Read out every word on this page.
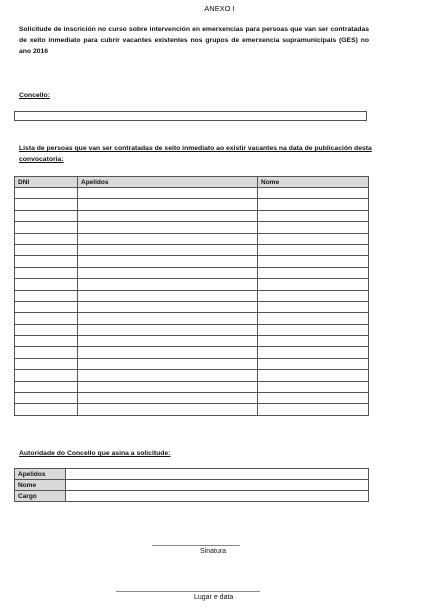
ANEXO I
Solicitude de inscrición no curso sobre intervención en emerxencias para persoas que van ser contratadas de xeito inmediato para cubrir vacantes existentes nos grupos de emerxencia supramunicipais (GES) no ano 2016
Concello:
Lista de persoas que van ser contratadas de xeito inmediato ao existir vacantes na data de publicación desta convocatoria:
DNI	Apelidos	Nome

Autoridade do Concello que asina a solicitude:
Apelidos	
Nome	
Cargo	
Sinatura
Lugar e data
